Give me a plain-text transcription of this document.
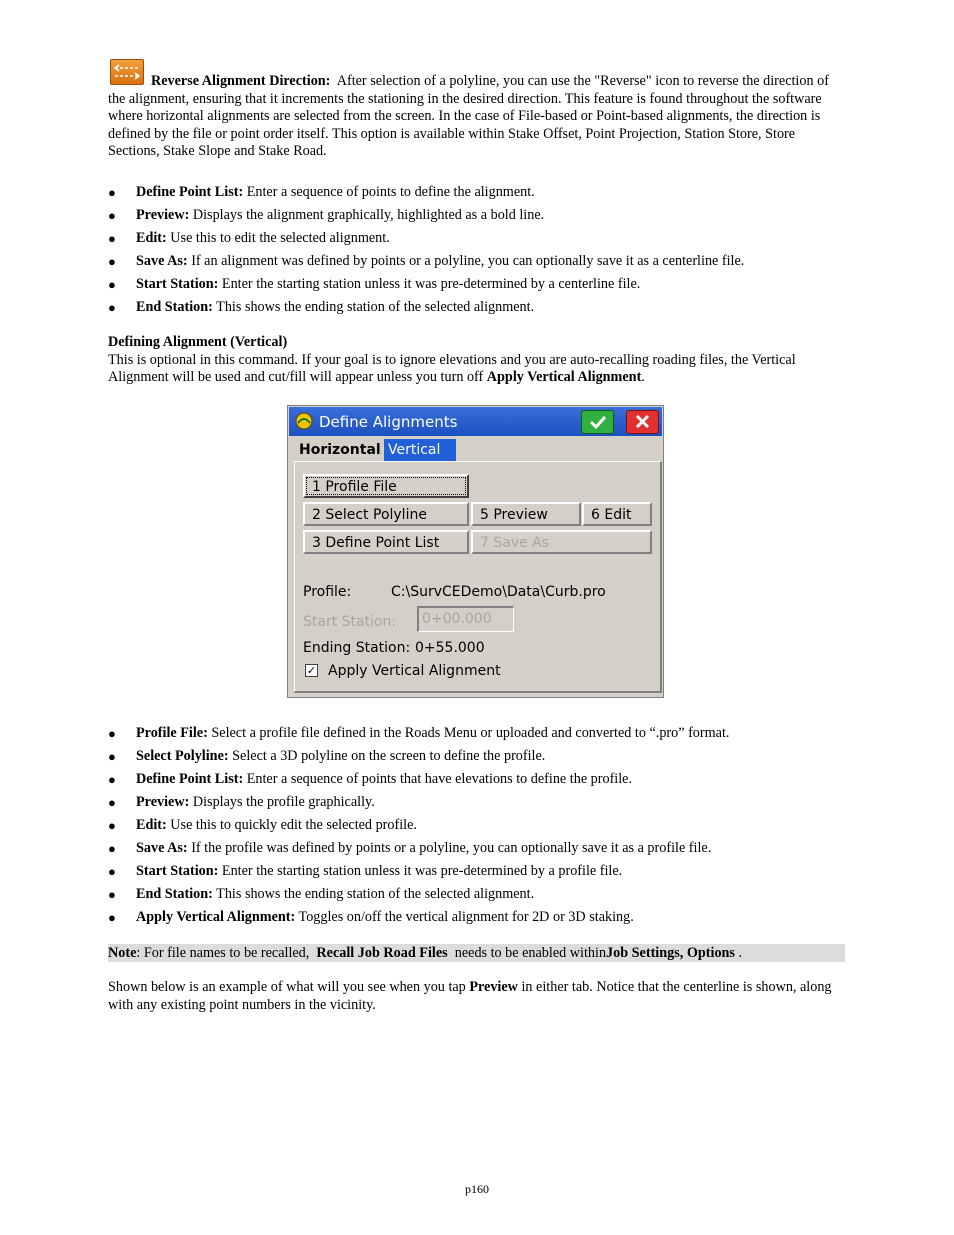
Reverse Alignment Direction: After selection of a polyline, you can use the "Reverse" icon to reverse the direction of the alignment, ensuring that it increments the stationing in the desired direction. This feature is found throughout the software where horizontal alignments are selected from the screen. In the case of File-based or Point-based alignments, the direction is defined by the file or point order itself. This option is available within Stake Offset, Point Projection, Station Store, Store Sections, Stake Slope and Stake Road.
● Define Point List: Enter a sequence of points to define the alignment.
● Preview: Displays the alignment graphically, highlighted as a bold line.
● Edit: Use this to edit the selected alignment.
● Save As: If an alignment was defined by points or a polyline, you can optionally save it as a centerline file.
● Start Station: Enter the starting station unless it was pre-determined by a centerline file.
● End Station: This shows the ending station of the selected alignment.
Defining Alignment (Vertical)
This is optional in this command. If your goal is to ignore elevations and you are auto-recalling roading files, the Vertical Alignment will be used and cut/fill will appear unless you turn off Apply Vertical Alignment.
Define Alignments
Horizontal Vertical
1 Profile File
2 Select Polyline	5 Preview	6 Edit
3 Define Point List	7 Save As
Profile:	C:\SurvCEDemo\Data\Curb.pro
Start Station:	0+00.000
Ending Station: 0+55.000
✓ Apply Vertical Alignment
● Profile File: Select a profile file defined in the Roads Menu or uploaded and converted to “.pro” format.
● Select Polyline: Select a 3D polyline on the screen to define the profile.
● Define Point List: Enter a sequence of points that have elevations to define the profile.
● Preview: Displays the profile graphically.
● Edit: Use this to quickly edit the selected profile.
● Save As: If the profile was defined by points or a polyline, you can optionally save it as a profile file.
● Start Station: Enter the starting station unless it was pre-determined by a profile file.
● End Station: This shows the ending station of the selected alignment.
● Apply Vertical Alignment: Toggles on/off the vertical alignment for 2D or 3D staking.
Note: For file names to be recalled, Recall Job Road Files needs to be enabled withinJob Settings, Options .
Shown below is an example of what will you see when you tap Preview in either tab. Notice that the centerline is shown, along with any existing point numbers in the vicinity.
p160
